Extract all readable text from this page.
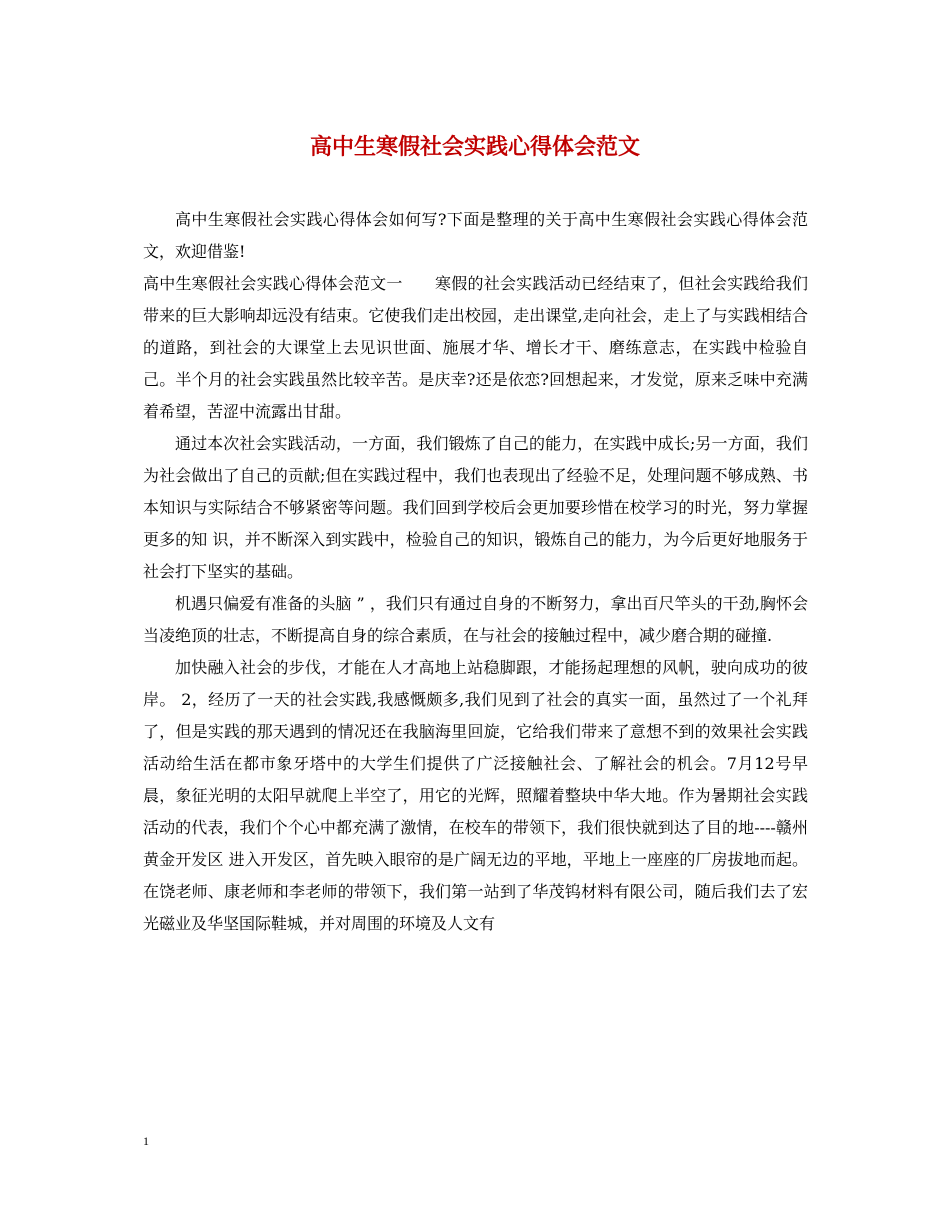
高中生寒假社会实践心得体会范文

高中生寒假社会实践心得体会如何写?下面是整理的关于高中生寒假社会实践心得体会范文，欢迎借鉴!

高中生寒假社会实践心得体会范文一　　寒假的社会实践活动已经结束了，但社会实践给我们带来的巨大影响却远没有结束。它使我们走出校园，走出课堂,走向社会，走上了与实践相结合的道路，到社会的大课堂上去见识世面、施展才华、增长才干、磨练意志，在实践中检验自己。半个月的社会实践虽然比较辛苦。是庆幸?还是依恋?回想起来，才发觉，原来乏味中充满着希望，苦涩中流露出甘甜。

通过本次社会实践活动，一方面，我们锻炼了自己的能力，在实践中成长;另一方面，我们为社会做出了自己的贡献;但在实践过程中，我们也表现出了经验不足，处理问题不够成熟、书本知识与实际结合不够紧密等问题。我们回到学校后会更加要珍惜在校学习的时光，努力掌握更多的知 识，并不断深入到实践中，检验自己的知识，锻炼自己的能力，为今后更好地服务于社会打下坚实的基础。

机遇只偏爱有准备的头脑 ” ，我们只有通过自身的不断努力，拿出百尺竿头的干劲,胸怀会当凌绝顶的壮志，不断提高自身的综合素质，在与社会的接触过程中，减少磨合期的碰撞.

加快融入社会的步伐，才能在人才高地上站稳脚跟，才能扬起理想的风帆，驶向成功的彼岸。 2，经历了一天的社会实践,我感慨颇多,我们见到了社会的真实一面，虽然过了一个礼拜了，但是实践的那天遇到的情况还在我脑海里回旋，它给我们带来了意想不到的效果社会实践活动给生活在都市象牙塔中的大学生们提供了广泛接触社会、了解社会的机会。7月12号早晨，象征光明的太阳早就爬上半空了，用它的光辉，照耀着整块中华大地。作为暑期社会实践活动的代表，我们个个心中都充满了激情，在校车的带领下，我们很快就到达了目的地----赣州黄金开发区 进入开发区，首先映入眼帘的是广阔无边的平地，平地上一座座的厂房拔地而起。在饶老师、康老师和李老师的带领下，我们第一站到了华茂钨材料有限公司，随后我们去了宏光磁业及华坚国际鞋城，并对周围的环境及人文有

1
